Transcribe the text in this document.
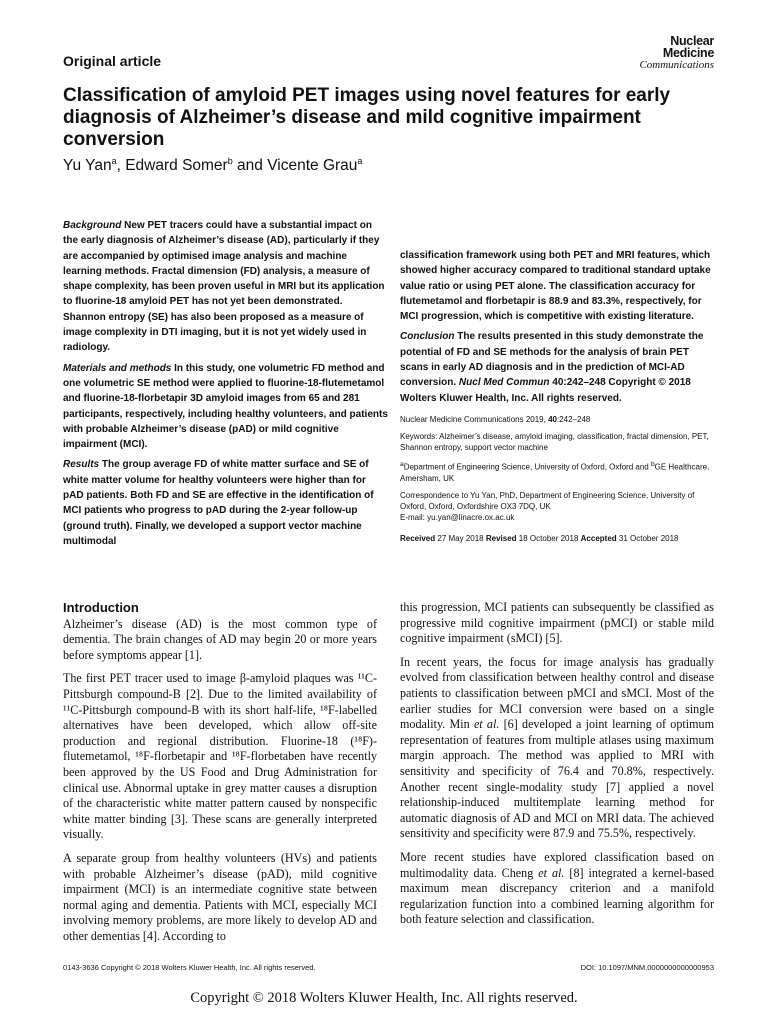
Original article
Nuclear
Medicine
Communications
Classification of amyloid PET images using novel features for early diagnosis of Alzheimer’s disease and mild cognitive impairment conversion
Yu Yan$^a$, Edward Somer$^b$ and Vicente Grau$^a$

Background New PET tracers could have a substantial impact on the early diagnosis of Alzheimer’s disease (AD), particularly if they are accompanied by optimised image analysis and machine learning methods. Fractal dimension (FD) analysis, a measure of shape complexity, has been proven useful in MRI but its application to fluorine-18 amyloid PET has not yet been demonstrated. Shannon entropy (SE) has also been proposed as a measure of image complexity in DTI imaging, but it is not yet widely used in radiology.

Materials and methods In this study, one volumetric FD method and one volumetric SE method were applied to fluorine-18-flutemetamol and fluorine-18-florbetapir 3D amyloid images from 65 and 281 participants, respectively, including healthy volunteers, and patients with probable Alzheimer’s disease (pAD) or mild cognitive impairment (MCI).

Results The group average FD of white matter surface and SE of white matter volume for healthy volunteers were higher than for pAD patients. Both FD and SE are effective in the identification of MCI patients who progress to pAD during the 2-year follow-up (ground truth). Finally, we developed a support vector machine multimodal

classification framework using both PET and MRI features, which showed higher accuracy compared to traditional standard uptake value ratio or using PET alone. The classification accuracy for flutemetamol and florbetapir is 88.9 and 83.3%, respectively, for MCI progression, which is competitive with existing literature.

Conclusion The results presented in this study demonstrate the potential of FD and SE methods for the analysis of brain PET scans in early AD diagnosis and in the prediction of MCI-AD conversion. Nucl Med Commun 40:242–248 Copyright © 2018 Wolters Kluwer Health, Inc. All rights reserved.

Nuclear Medicine Communications 2019, 40:242–248

Keywords: Alzheimer’s disease, amyloid imaging, classification, fractal dimension, PET, Shannon entropy, support vector machine

$^a$Department of Engineering Science, University of Oxford, Oxford and $^b$GE Healthcare, Amersham, UK

Correspondence to Yu Yan, PhD, Department of Engineering Science, University of Oxford, Oxford, Oxfordshire OX3 7DQ, UK
E-mail: yu.yan@linacre.ox.ac.uk

Received 27 May 2018 Revised 18 October 2018 Accepted 31 October 2018

Introduction

Alzheimer’s disease (AD) is the most common type of dementia. The brain changes of AD may begin 20 or more years before symptoms appear [1].

The first PET tracer used to image β-amyloid plaques was ¹¹C-Pittsburgh compound-B [2]. Due to the limited availability of ¹¹C-Pittsburgh compound-B with its short half-life, ¹⁸F-labelled alternatives have been developed, which allow off-site production and regional distribution. Fluorine-18 (¹⁸F)-flutemetamol, ¹⁸F-florbetapir and ¹⁸F-florbetaben have recently been approved by the US Food and Drug Administration for clinical use. Abnormal uptake in grey matter causes a disruption of the characteristic white matter pattern caused by nonspecific white matter binding [3]. These scans are generally interpreted visually.

A separate group from healthy volunteers (HVs) and patients with probable Alzheimer’s disease (pAD), mild cognitive impairment (MCI) is an intermediate cognitive state between normal aging and dementia. Patients with MCI, especially MCI involving memory problems, are more likely to develop AD and other dementias [4]. According to

this progression, MCI patients can subsequently be classified as progressive mild cognitive impairment (pMCI) or stable mild cognitive impairment (sMCI) [5].

In recent years, the focus for image analysis has gradually evolved from classification between healthy control and disease patients to classification between pMCI and sMCI. Most of the earlier studies for MCI conversion were based on a single modality. Min et al. [6] developed a joint learning of optimum representation of features from multiple atlases using maximum margin approach. The method was applied to MRI with sensitivity and specificity of 76.4 and 70.8%, respectively. Another recent single-modality study [7] applied a novel relationship-induced multitemplate learning method for automatic diagnosis of AD and MCI on MRI data. The achieved sensitivity and specificity were 87.9 and 75.5%, respectively.

More recent studies have explored classification based on multimodality data. Cheng et al. [8] integrated a kernel-based maximum mean discrepancy criterion and a manifold regularization function into a combined learning algorithm for both feature selection and classification.

0143-3636 Copyright © 2018 Wolters Kluwer Health, Inc. All rights reserved.	DOI: 10.1097/MNM.0000000000000953
Copyright © 2018 Wolters Kluwer Health, Inc. All rights reserved.
